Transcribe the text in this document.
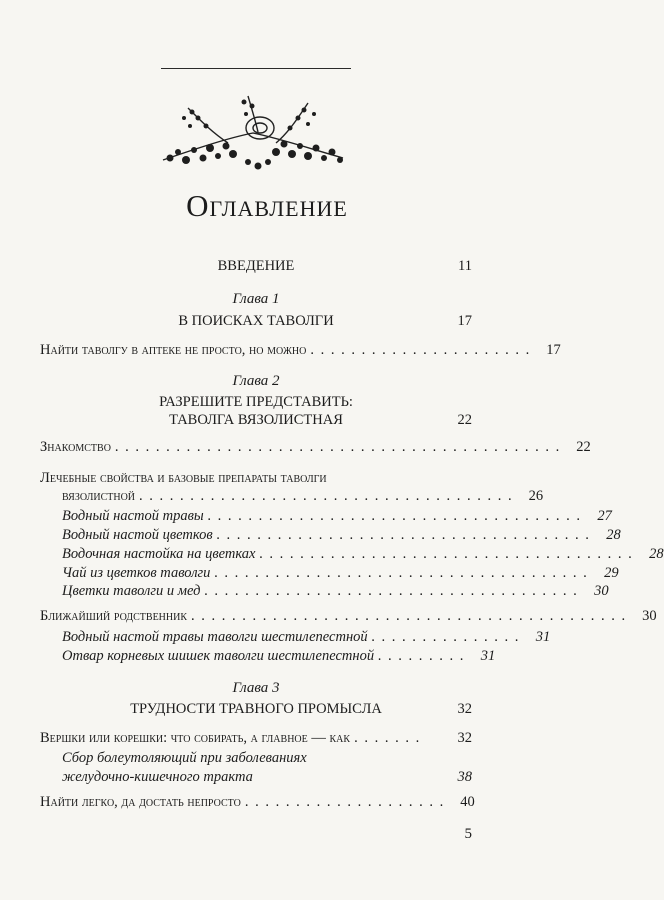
Оглавление
ВВЕДЕНИЕ	11
Глава 1
В ПОИСКАХ ТАВОЛГИ	17
Найти таволгу в аптеке не просто, но можно . . . . . . . . . . . . . . . . . . . . . .	17
Глава 2
РАЗРЕШИТЕ ПРЕДСТАВИТЬ:
ТАВОЛГА ВЯЗОЛИСТНАЯ	22
Знакомство . . . . . . . . . . . . . . . . . . . . . . . . . . . . . . . . . . . . . . . . . . . .	22
Лечебные свойства и базовые препараты таволги
вязолистной . . . . . . . . . . . . . . . . . . . . . . . . . . . . . . . . . . . . .	26
Водный настой травы . . . . . . . . . . . . . . . . . . . . . . . . . . . . . . . . . . . . .	27
Водный настой цветков . . . . . . . . . . . . . . . . . . . . . . . . . . . . . . . . . . . . .	28
Водочная настойка на цветках . . . . . . . . . . . . . . . . . . . . . . . . . . . . . . . . . . . . .	28
Чай из цветков таволги . . . . . . . . . . . . . . . . . . . . . . . . . . . . . . . . . . . . .	29
Цветки таволги и мед . . . . . . . . . . . . . . . . . . . . . . . . . . . . . . . . . . . . .	30
Ближайший родственник . . . . . . . . . . . . . . . . . . . . . . . . . . . . . . . . . . . . . . . . . . .	30
Водный настой травы таволги шестилепестной . . . . . . . . . . . . . . .	31
Отвар корневых шишек таволги шестилепестной . . . . . . . . .	31
Глава 3
ТРУДНОСТИ ТРАВНОГО ПРОМЫСЛА	32
Вершки или корешки: что собирать, а главное — как . . . . . . .	32
Сбор болеутоляющий при заболеваниях
желудочно-кишечного тракта	38
Найти легко, да достать непросто . . . . . . . . . . . . . . . . . . . .	40
5
